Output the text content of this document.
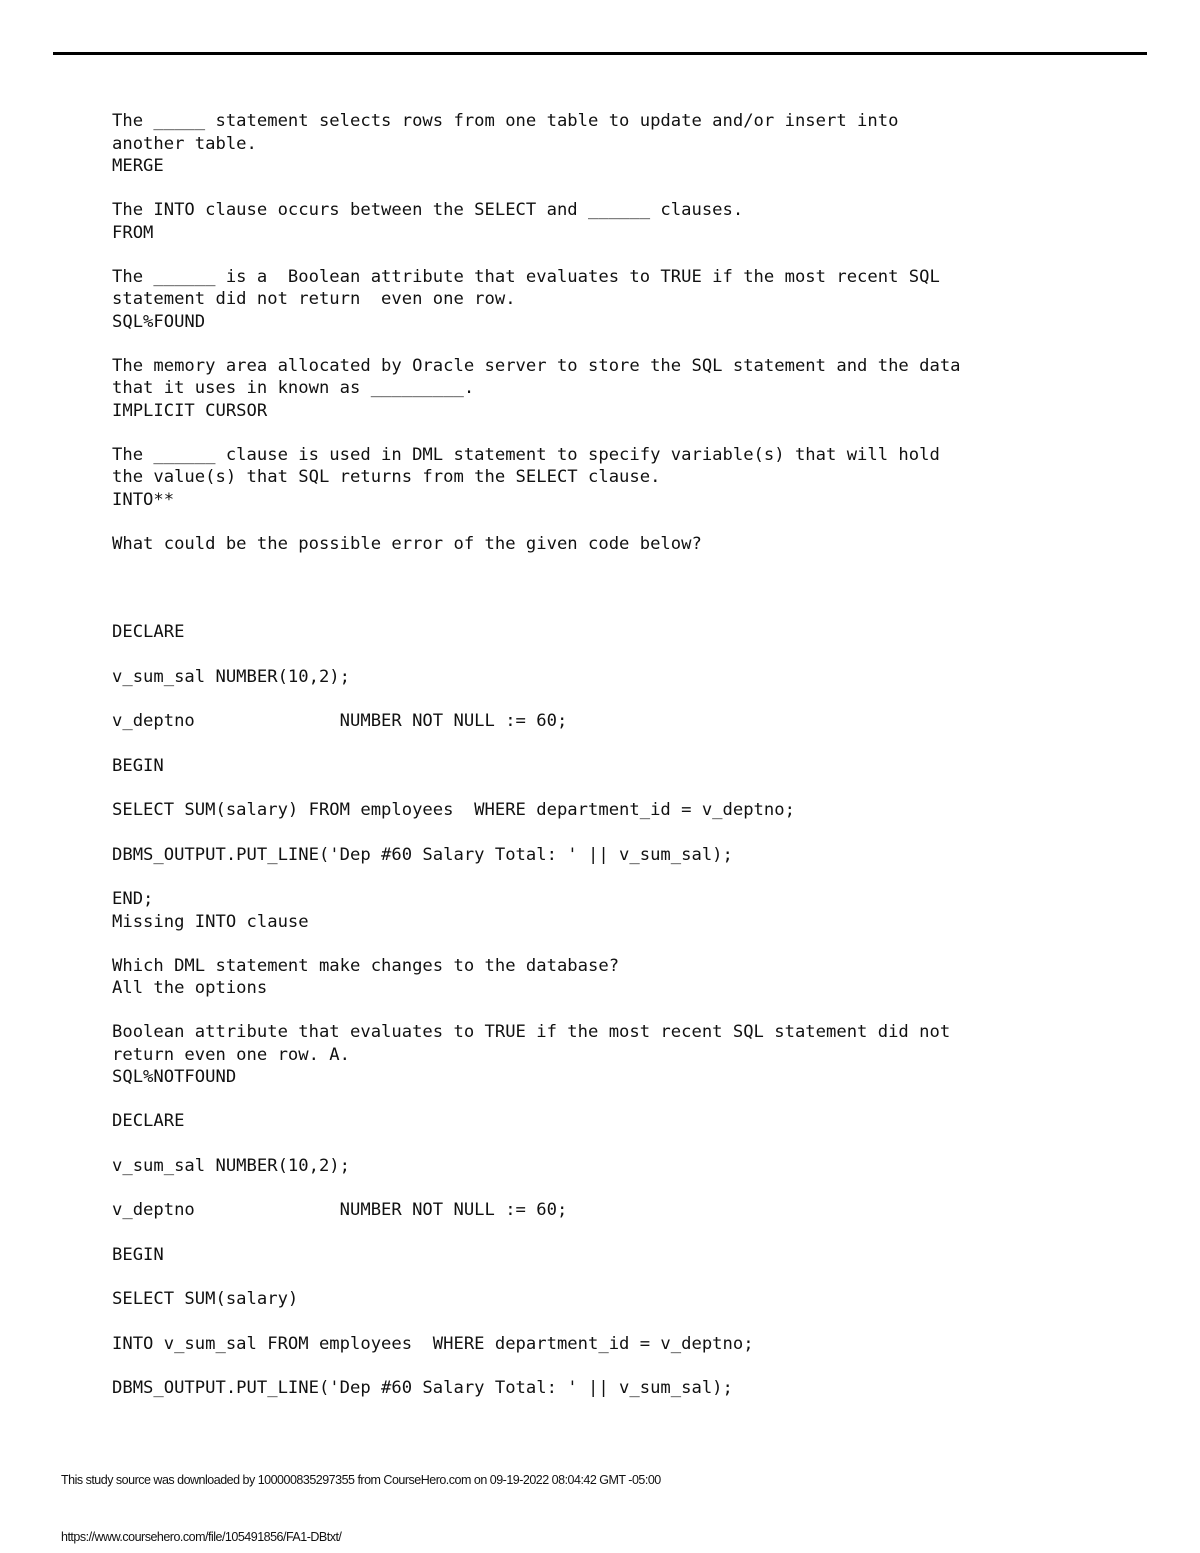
The _____ statement selects rows from one table to update and/or insert into
another table.
MERGE
The INTO clause occurs between the SELECT and ______ clauses.
FROM
The ______ is a  Boolean attribute that evaluates to TRUE if the most recent SQL
statement did not return  even one row.
SQL%FOUND
The memory area allocated by Oracle server to store the SQL statement and the data
that it uses in known as _________.
IMPLICIT CURSOR
The ______ clause is used in DML statement to specify variable(s) that will hold
the value(s) that SQL returns from the SELECT clause.
INTO**
What could be the possible error of the given code below?
DECLARE
v_sum_sal NUMBER(10,2);
v_deptno              NUMBER NOT NULL := 60;
BEGIN
SELECT SUM(salary) FROM employees  WHERE department_id = v_deptno;
DBMS_OUTPUT.PUT_LINE('Dep #60 Salary Total: ' || v_sum_sal);
END;
Missing INTO clause
Which DML statement make changes to the database?
All the options
Boolean attribute that evaluates to TRUE if the most recent SQL statement did not
return even one row. A.
SQL%NOTFOUND
DECLARE
v_sum_sal NUMBER(10,2);
v_deptno              NUMBER NOT NULL := 60;
BEGIN
SELECT SUM(salary)
INTO v_sum_sal FROM employees  WHERE department_id = v_deptno;
DBMS_OUTPUT.PUT_LINE('Dep #60 Salary Total: ' || v_sum_sal);
This study source was downloaded by 100000835297355 from CourseHero.com on 09-19-2022 08:04:42 GMT -05:00
https://www.coursehero.com/file/105491856/FA1-DBtxt/
